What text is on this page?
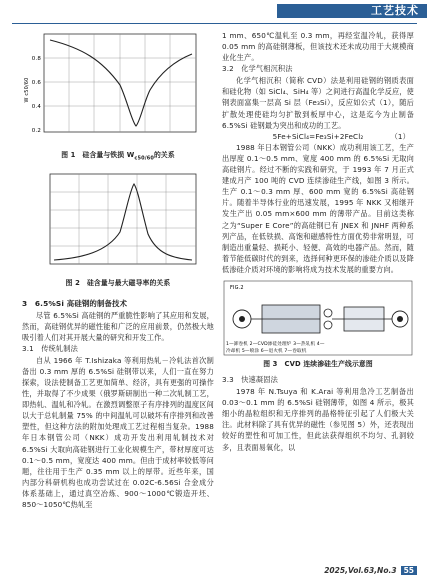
工艺技术
0.8
0.6
0.4
0.2
W c50/60
图 1　硅含量与铁损 $W_{c50/60}$的关系
图 2　硅含量与最大磁导率的关系
3　6.5%Si 高硅钢的制备技术

尽管 6.5%Si 高硅钢的严重脆性影响了其应用和发展，然而，高硅钢优异的磁性能和广泛的应用前景，仍然极大地吸引着人们对其开展大量的研究和开发工作。

3.1　传统轧制法

自从 1966 年 T.Ishizaka 等利用热轧－冷轧法首次制备出 0.3 mm 厚的 6.5%Si 硅钢带以来，人们一直在努力探索，设法使制备工艺更加简单、经济，具有更强的可操作性，并取得了不少成果（俄罗斯研制出一种二次轧制工艺，即热轧、温轧和冷轧。在激烈调整原子有序排列的温度区间以大于总轧制量 75% 的中间温轧可以破坏有序排列和改善塑性，但这种方法的附加处理成工艺过程相当复杂。1988 年日本钢管公司（NKK）成功开发出利用轧制技术对 6.5%Si 大取向高硅钢进行工业化规模生产，带材厚度可达 0.1～0.5 mm，宽度达 400 mm。但由于成材率较低等问题，往往用于生产 0.35 mm 以上的厚带。近些年来，国内部分科研机构也成功尝试过在 0.02C-6.56Si 合金成分体系基础上，通过真空冶炼、900～1000℃锻造开坯、850～1050℃热轧至

1 mm、650℃温轧至 0.3 mm，再经室温冷轧，获得厚 0.05 mm 的高硅钢薄板，但该技术还未成功用于大规模商业化生产。

3.2　化学气相沉积法

化学气相沉积（简称 CVD）法是利用硅钢的钢质表面和硅化物（如 SiCl₄、SiH₄ 等）之间进行高温化学反应，使钢表面富集一层高 Si 层（Fe₃Si），反应如公式（1），随后扩散处理使硅均匀扩散到板厚中心，这是迄今为止制备 6.5%Si 硅钢最为突出和成功的工艺。

5Fe+SiCl₄=Fe₃Si+2FeCl₂	（1）

1988 年日本钢管公司（NKK）成功利用该工艺，生产出厚度 0.1～0.5 mm、宽度 400 mm 的 6.5%Si 无取向高硅钢片。经过不断的实践和研究，于 1993 年 7 月正式建成月产 100 吨的 CVD 连续渗硅生产线，如图 3 所示。生产 0.1～0.3 mm 厚、600 mm 宽的 6.5%Si 高硅钢片。随着半导体行业的迅速发展，1995 年 NKK 又相继开发生产出 0.05 mm×600 mm 的薄带产品。目前这类称之为“Super E Core”的高硅钢已有 JNEX 和 JNHF 两种系列产品，在低铁损、高饱和磁感特性方面优势非常明显，可制造出重量轻、损耗小、轻便、高效的电器产品。然而，随着节能低碳时代的到来，选择何种更环保的渗硅介质以及降低渗硅介质对环境的影响将成为技术发展的重要方向。

FIG.2
1—卸卷机 2—CVD渗硅处理炉 3—热轧机 4—
冷却机 5—喷涂 6—退火机 7—卷取机
图 3　CVD 连续渗硅生产线示意图
3.3　快速凝固法

1978 年 N.Tsuya 和 K.Arai 等利用急冷工艺制备出 0.03～0.1 mm 的 6.5%Si 硅钢薄带，如图 4 所示，极其细小的晶粒组织和无序排列的晶格特征引起了人们极大关注。此材料除了具有优异的磁性（参见图 5）外，还表现出较好的塑性和可加工性，但此法获得组织不均匀、孔洞较多，且表面易氧化，以

2025,Vol.63,No.3 55
